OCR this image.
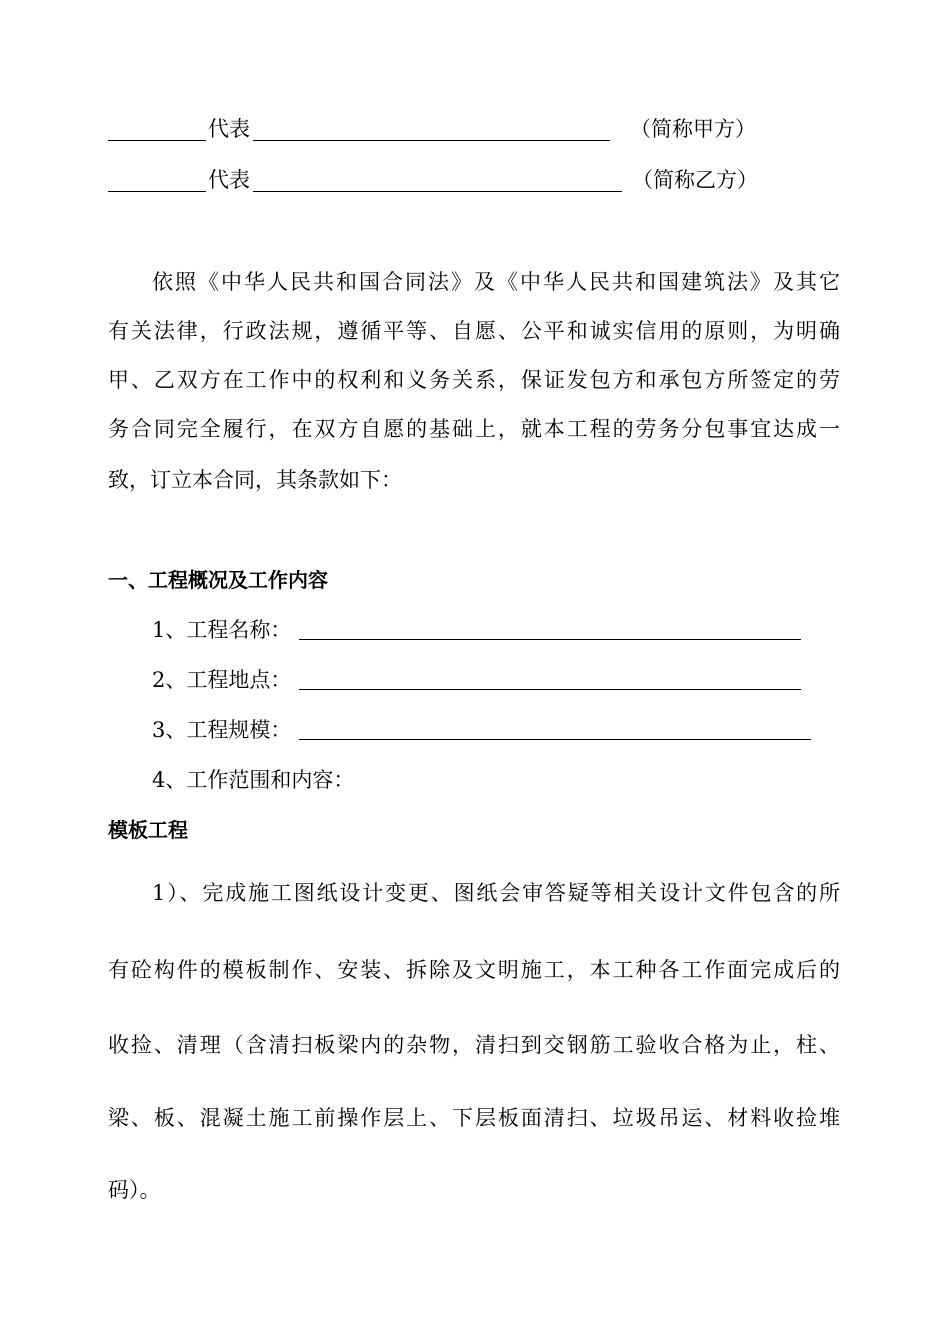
代表	（简称甲方）
代表	（简称乙方）
依照《中华人民共和国合同法》及《中华人民共和国建筑法》及其它
有关法律，行政法规，遵循平等、自愿、公平和诚实信用的原则，为明确
甲、乙双方在工作中的权利和义务关系，保证发包方和承包方所签定的劳
务合同完全履行，在双方自愿的基础上，就本工程的劳务分包事宜达成一
致，订立本合同，其条款如下：
一、工程概况及工作内容
1、工程名称：
2、工程地点：
3、工程规模：
4、工作范围和内容：
模板工程
1）、完成施工图纸设计变更、图纸会审答疑等相关设计文件包含的所
有砼构件的模板制作、安装、拆除及文明施工，本工种各工作面完成后的
收捡、清理（含清扫板梁内的杂物，清扫到交钢筋工验收合格为止，柱、
梁、板、混凝土施工前操作层上、下层板面清扫、垃圾吊运、材料收捡堆
码）。
